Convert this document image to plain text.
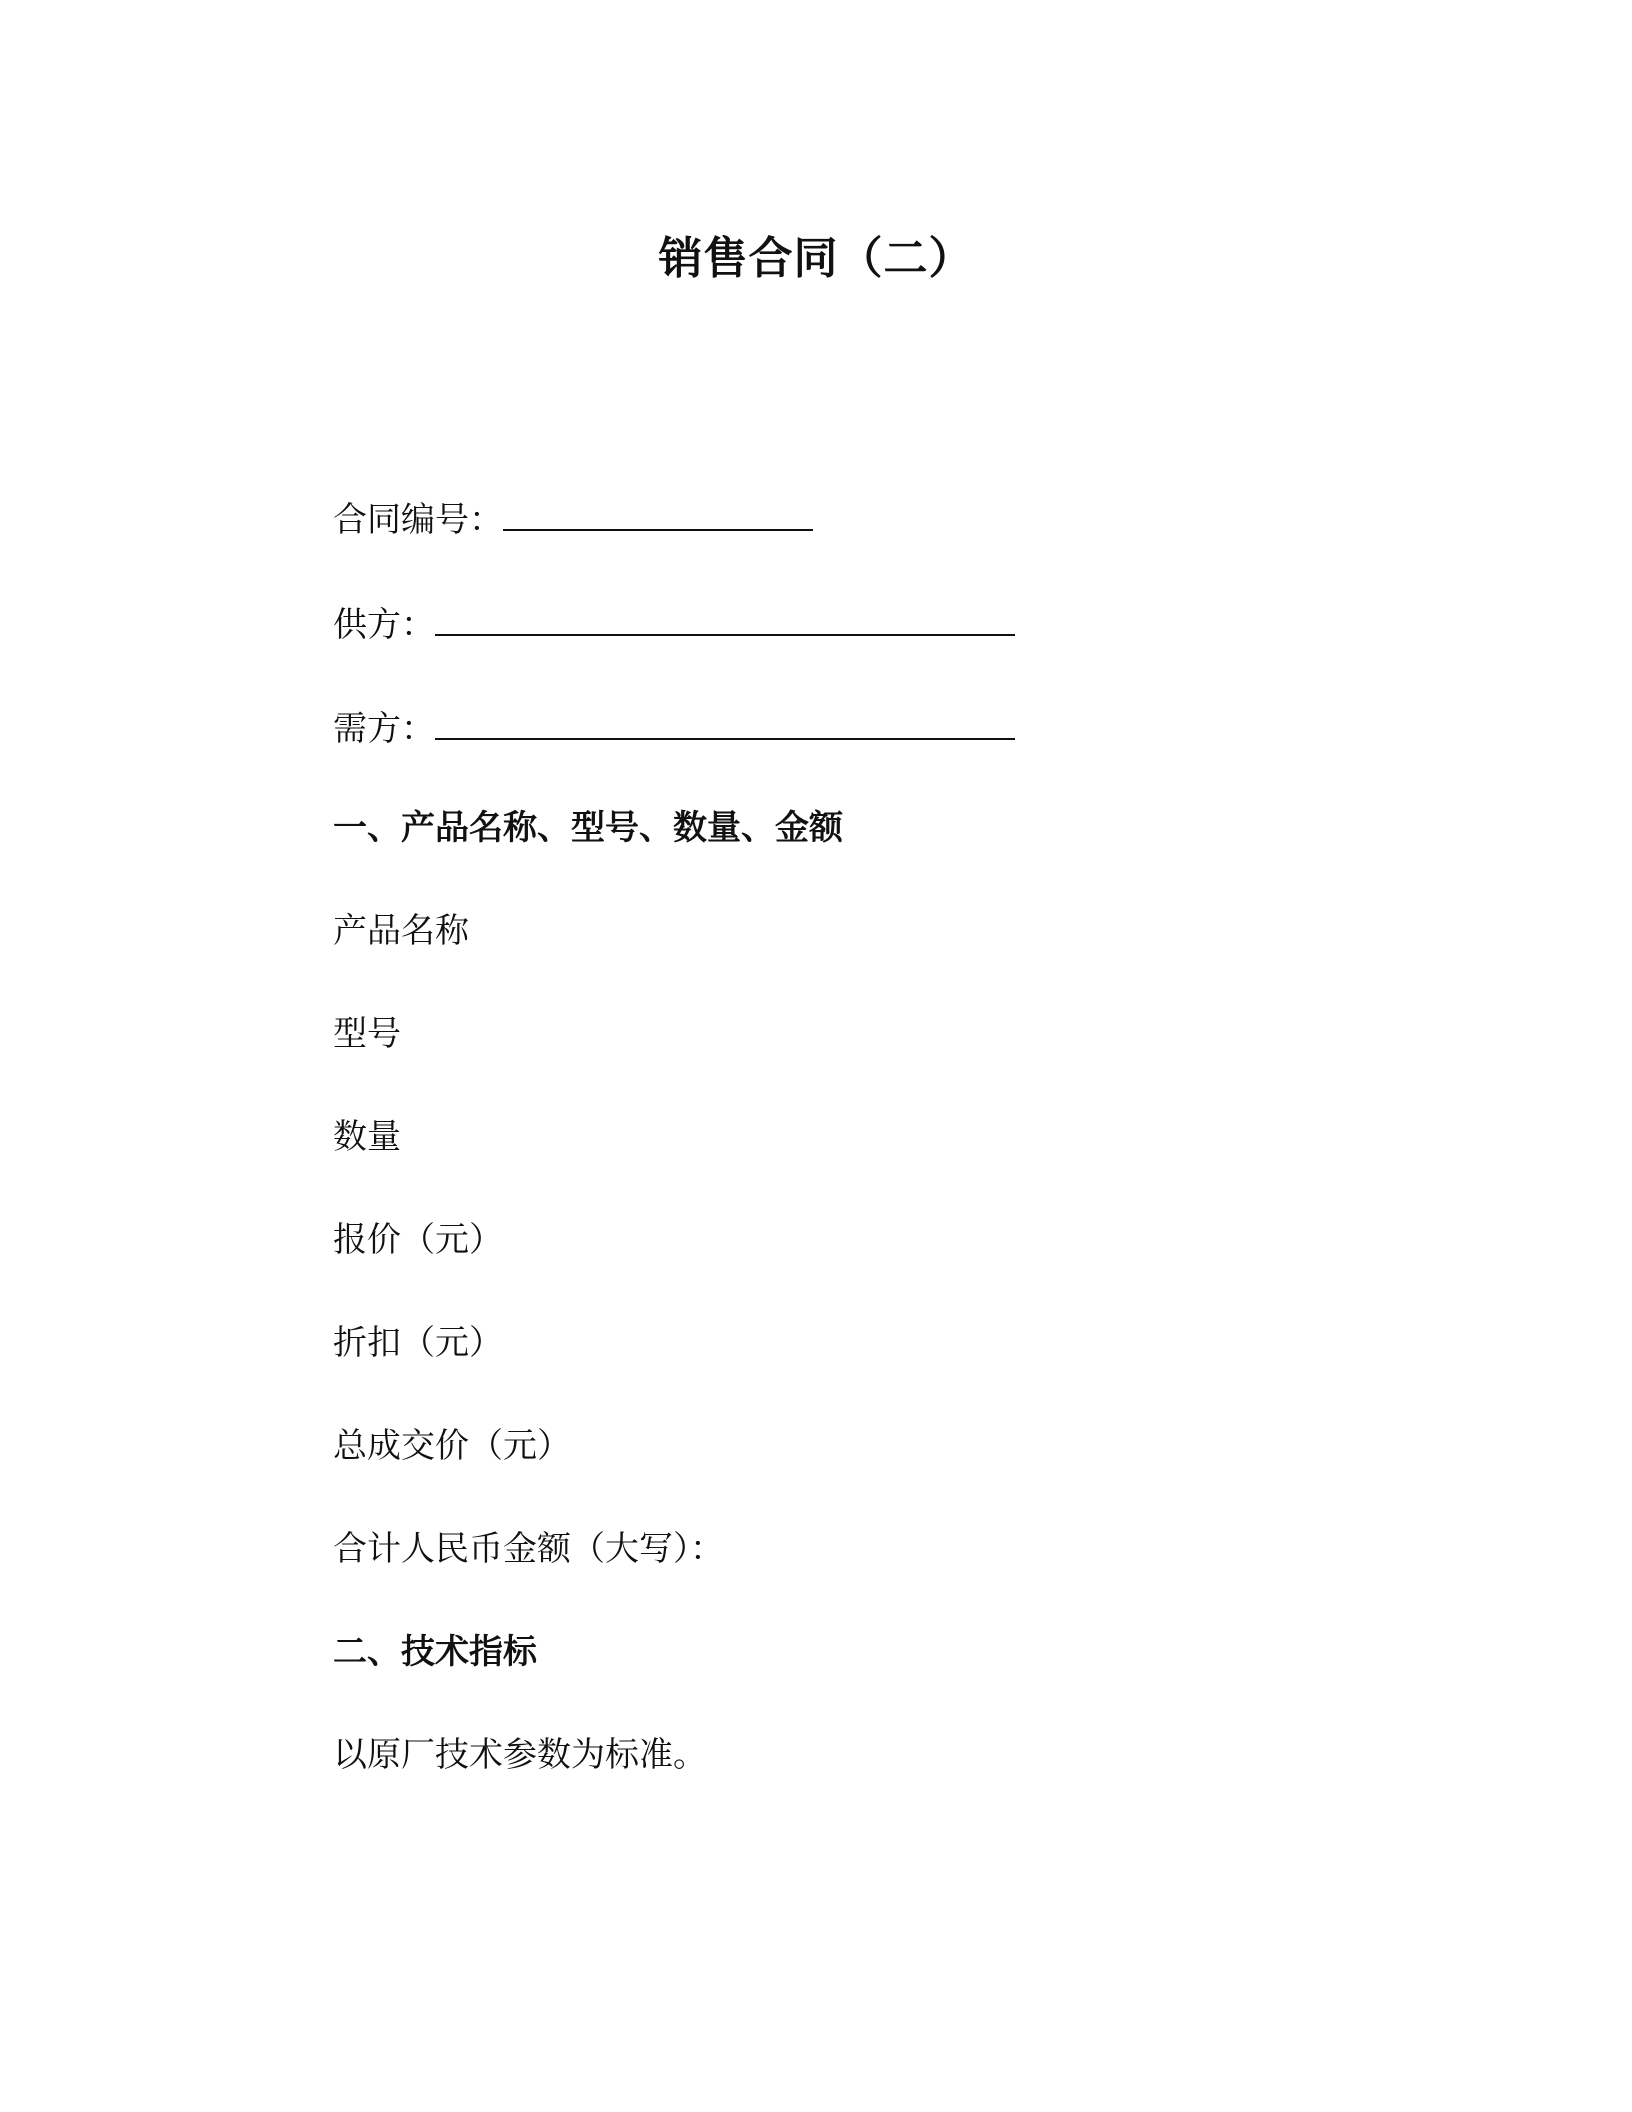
销售合同（二）
合同编号：
供方：
需方：
一、产品名称、型号、数量、金额
产品名称
型号
数量
报价（元）
折扣（元）
总成交价（元）
合计人民币金额（大写）：
二、技术指标
以原厂技术参数为标准。
